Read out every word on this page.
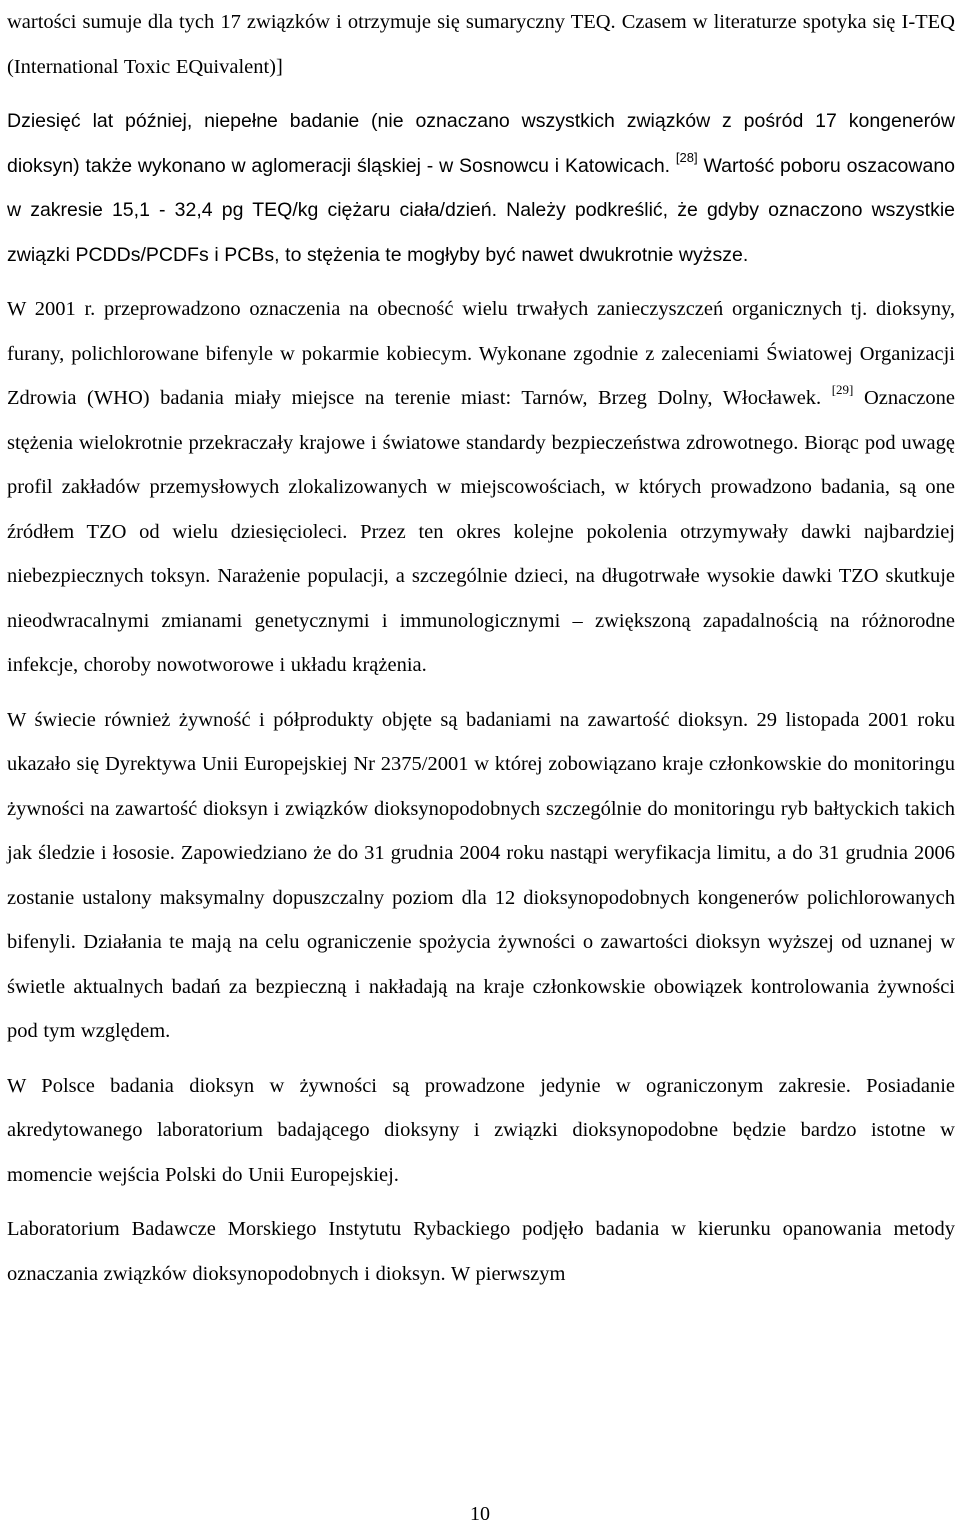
wartości sumuje dla tych 17 związków i otrzymuje się sumaryczny TEQ. Czasem w literaturze spotyka się I-TEQ (International Toxic EQuivalent)]

Dziesięć lat później, niepełne badanie (nie oznaczano wszystkich związków z pośród 17 kongenerów dioksyn) także wykonano w aglomeracji śląskiej - w Sosnowcu i Katowicach. [28] Wartość poboru oszacowano w zakresie 15,1 - 32,4 pg TEQ/kg ciężaru ciała/dzień. Należy podkreślić, że gdyby oznaczono wszystkie związki PCDDs/PCDFs i PCBs, to stężenia te mogłyby być nawet dwukrotnie wyższe.

W 2001 r. przeprowadzono oznaczenia na obecność wielu trwałych zanieczyszczeń organicznych tj. dioksyny, furany, polichlorowane bifenyle w pokarmie kobiecym. Wykonane zgodnie z zaleceniami Światowej Organizacji Zdrowia (WHO) badania miały miejsce na terenie miast: Tarnów, Brzeg Dolny, Włocławek. [29] Oznaczone stężenia wielokrotnie przekraczały krajowe i światowe standardy bezpieczeństwa zdrowotnego. Biorąc pod uwagę profil zakładów przemysłowych zlokalizowanych w miejscowościach, w których prowadzono badania, są one źródłem TZO od wielu dziesięcioleci. Przez ten okres kolejne pokolenia otrzymywały dawki najbardziej niebezpiecznych toksyn. Narażenie populacji, a szczególnie dzieci, na długotrwałe wysokie dawki TZO skutkuje nieodwracalnymi zmianami genetycznymi i immunologicznymi – zwiększoną zapadalnością na różnorodne infekcje, choroby nowotworowe i układu krążenia.

W świecie również żywność i półprodukty objęte są badaniami na zawartość dioksyn. 29 listopada 2001 roku ukazało się Dyrektywa Unii Europejskiej Nr 2375/2001 w której zobowiązano kraje członkowskie do monitoringu żywności na zawartość dioksyn i związków dioksynopodobnych szczególnie do monitoringu ryb bałtyckich takich jak śledzie i łososie. Zapowiedziano że do 31 grudnia 2004 roku nastąpi weryfikacja limitu, a do 31 grudnia 2006 zostanie ustalony maksymalny dopuszczalny poziom dla 12 dioksynopodobnych kongenerów polichlorowanych bifenyli. Działania te mają na celu ograniczenie spożycia żywności o zawartości dioksyn wyższej od uznanej w świetle aktualnych badań za bezpieczną i nakładają na kraje członkowskie obowiązek kontrolowania żywności pod tym względem.

W Polsce badania dioksyn w żywności są prowadzone jedynie w ograniczonym zakresie. Posiadanie akredytowanego laboratorium badającego dioksyny i związki dioksynopodobne będzie bardzo istotne w momencie wejścia Polski do Unii Europejskiej.

Laboratorium Badawcze Morskiego Instytutu Rybackiego podjęło badania w kierunku opanowania metody oznaczania związków dioksynopodobnych i dioksyn. W pierwszym

10
